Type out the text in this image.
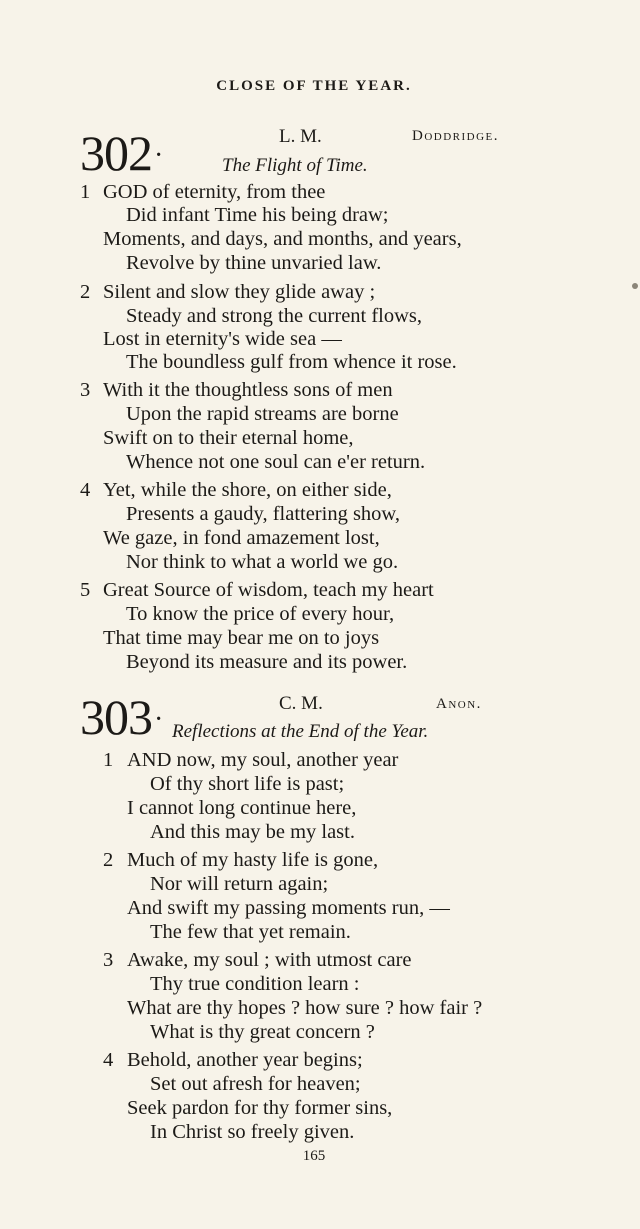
CLOSE OF THE YEAR.
302 ·	L. M.	Doddridge.
The Flight of Time.
1 GOD of eternity, from thee
Did infant Time his being draw;
Moments, and days, and months, and years,
Revolve by thine unvaried law.
2 Silent and slow they glide away ;
Steady and strong the current flows,
Lost in eternity's wide sea —
The boundless gulf from whence it rose.
3 With it the thoughtless sons of men
Upon the rapid streams are borne
Swift on to their eternal home,
Whence not one soul can e'er return.
4 Yet, while the shore, on either side,
Presents a gaudy, flattering show,
We gaze, in fond amazement lost,
Nor think to what a world we go.
5 Great Source of wisdom, teach my heart
To know the price of every hour,
That time may bear me on to joys
Beyond its measure and its power.
303 ·	C. M.	Anon.
Reflections at the End of the Year.
1 AND now, my soul, another year
Of thy short life is past;
I cannot long continue here,
And this may be my last.
2 Much of my hasty life is gone,
Nor will return again;
And swift my passing moments run, —
The few that yet remain.
3 Awake, my soul ; with utmost care
Thy true condition learn :
What are thy hopes ? how sure ? how fair ?
What is thy great concern ?
4 Behold, another year begins;
Set out afresh for heaven;
Seek pardon for thy former sins,
In Christ so freely given.
165
